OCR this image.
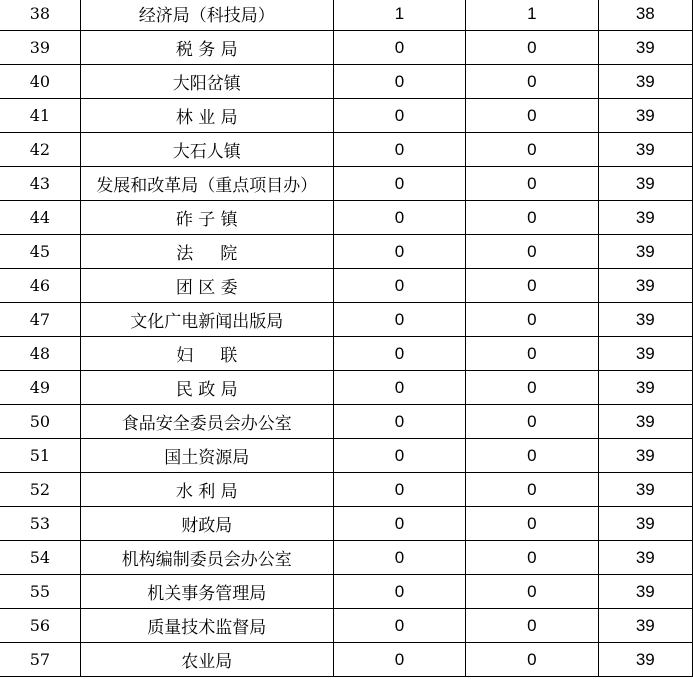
38	经济局（科技局）	1	1	38
39	税 务 局	0	0	39
40	大阳岔镇	0	0	39
41	林 业 局	0	0	39
42	大石人镇	0	0	39
43	发展和改革局（重点项目办）	0	0	39
44	砟 子 镇	0	0	39
45	法     院	0	0	39
46	团 区 委	0	0	39
47	文化广电新闻出版局	0	0	39
48	妇     联	0	0	39
49	民 政 局	0	0	39
50	食品安全委员会办公室	0	0	39
51	国土资源局	0	0	39
52	水 利 局	0	0	39
53	财政局	0	0	39
54	机构编制委员会办公室	0	0	39
55	机关事务管理局	0	0	39
56	质量技术监督局	0	0	39
57	农业局	0	0	39
